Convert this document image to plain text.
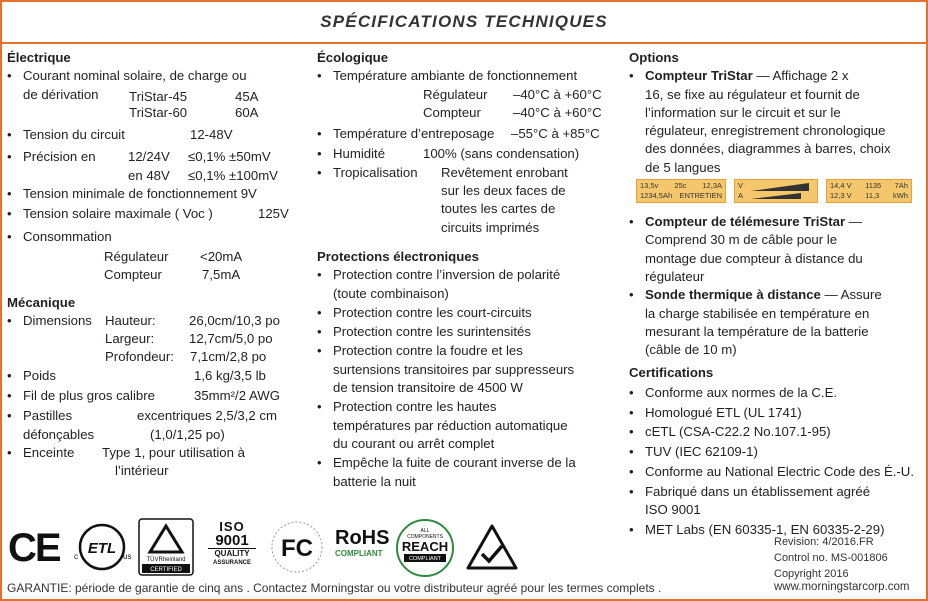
SPÉCIFICATIONS TECHNIQUES

Électrique

• Courant nominal solaire, de charge ou
de dérivation TriStar-45	45A
TriStar-60	60A
• Tension du circuit	12-48V
• Précision en 12/24V ≤0,1% ±50mV
en 48V ≤0,1% ±100mV
• Tension minimale de fonctionnement 9V
• Tension solaire maximale ( Voc )	125V
• Consommation
Régulateur <20mA
Compteur	7,5mA

Mécanique

• Dimensions Hauteur:	26,0cm/10,3 po
Largeur:	12,7cm/5,0 po
Profondeur: 7,1cm/2,8 po
• Poids	1,6 kg/3,5 lb
• Fil de plus gros calibre	35mm²/2 AWG
• Pastilles	excentriques 2,5/3,2 cm
défonçables	(1,0/1,25 po)
• Enceinte Type 1, pour utilisation à
l’intérieur

Écologique

• Température ambiante de fonctionnement
Régulateur –40°C à +60°C
Compteur –40°C à +60°C
• Température d’entreposage –55°C à +85°C
• Humidité	100% (sans condensation)
• Tropicalisation Revêtement enrobant
sur les deux faces de
toutes les cartes de
circuits imprimés

Protections électroniques

• Protection contre l’inversion de polarité
(toute combinaison)
• Protection contre les court-circuits
• Protection contre les surintensités
• Protection contre la foudre et les
surtensions transitoires par suppresseurs
de tension transitoire de 4500 W
• Protection contre les hautes
températures par réduction automatique
du courant ou arrêt complet
• Empêche la fuite de courant inverse de la
batterie la nuit

Options

• Compteur TriStar — Affichage 2 x
16, se fixe au régulateur et fournit de
l’information sur le circuit et sur le
régulateur, enregistrement chronologique
des données, diagrammes à barres, choix
de 5 langues
13,5v 25c 12,3A
1234,5Ah ENTRETIEN
V
A
14,4 V 1135 7Ah
12,3 V 11,3 kWh
• Compteur de télémesure TriStar —
Comprend 30 m de câble pour le
montage due compteur à distance du
régulateur
• Sonde thermique à distance — Assure
la charge stabilisée en température en
mesurant la température de la batterie
(câble de 10 m)

Certifications

• Conforme aux normes de la C.E.
• Homologué ETL (UL 1741)
• cETL (CSA-C22.2 No.107.1-95)
• TUV (IEC 62109-1)
• Conforme au National Electric Code des É.-U.
• Fabriqué dans un établissement agréé
ISO 9001
• MET Labs (EN 60335-1, EN 60335-2-29)
CE ETL
c	us	TÜVRheinland
CERTIFIED
ISO
9001
QUALITY
ASSURANCE
FC RoHS
COMPLIANT
ALL
COMPONENTS
REACH
COMPLIANT
Revision: 4/2016.FR
Control no. MS-001806
Copyright 2016
GARANTIE: période de garantie de cinq ans . Contactez Morningstar ou votre distributeur agréé pour les termes complets .	www.morningstarcorp.com
